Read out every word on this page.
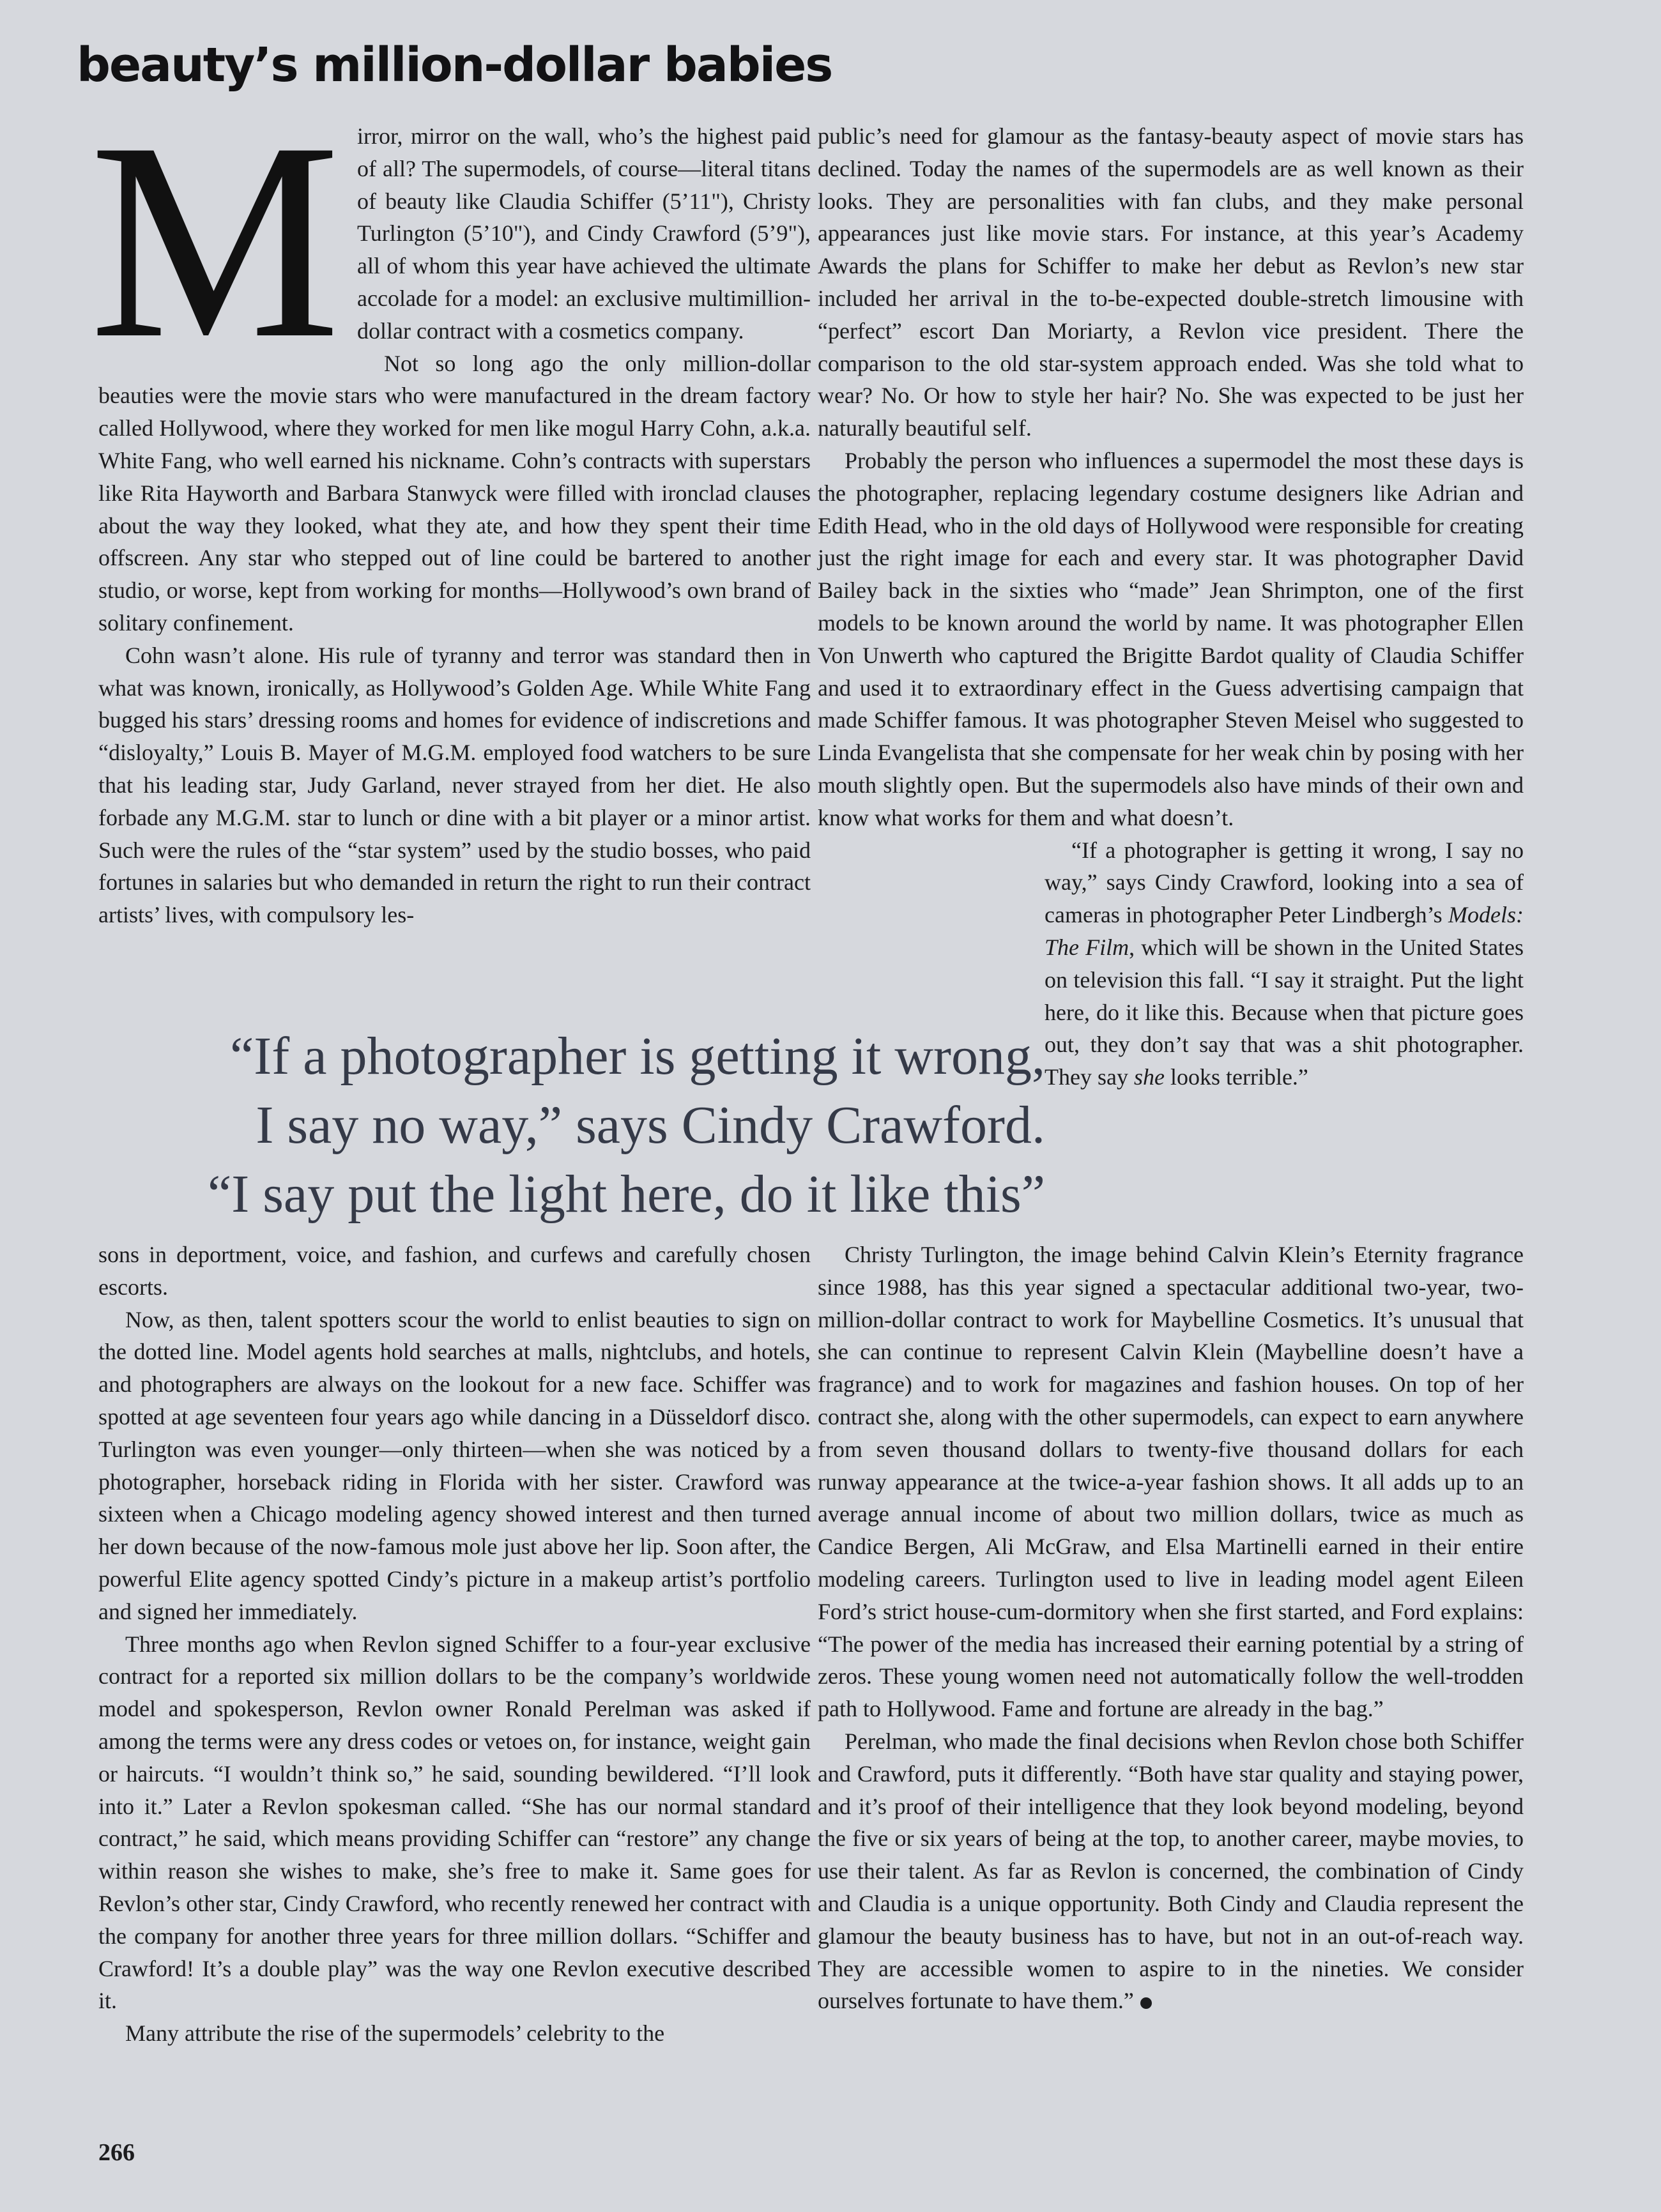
beauty’s million-dollar babies

Mirror, mirror on the wall, who’s the highest paid of all? The supermodels, of course—literal titans of beauty like Claudia Schiffer (5’11"), Christy Turlington (5’10"), and Cindy Crawford (5’9"), all of whom this year have achieved the ultimate accolade for a model: an exclusive multimillion-dollar contract with a cosmetics company.

Not so long ago the only million-dollar beauties were the movie stars who were manufactured in the dream factory called Hollywood, where they worked for men like mogul Harry Cohn, a.k.a. White Fang, who well earned his nickname. Cohn’s contracts with superstars like Rita Hayworth and Barbara Stanwyck were filled with ironclad clauses about the way they looked, what they ate, and how they spent their time offscreen. Any star who stepped out of line could be bartered to another studio, or worse, kept from working for months—Hollywood’s own brand of solitary confinement.

Cohn wasn’t alone. His rule of tyranny and terror was standard then in what was known, ironically, as Hollywood’s Golden Age. While White Fang bugged his stars’ dressing rooms and homes for evidence of indiscretions and “disloyalty,” Louis B. Mayer of M.G.M. employed food watchers to be sure that his leading star, Judy Garland, never strayed from her diet. He also forbade any M.G.M. star to lunch or dine with a bit player or a minor artist. Such were the rules of the “star system” used by the studio bosses, who paid fortunes in salaries but who demanded in return the right to run their contract artists’ lives, with compulsory les-

public’s need for glamour as the fantasy-beauty aspect of movie stars has declined. Today the names of the supermodels are as well known as their looks. They are personalities with fan clubs, and they make personal appearances just like movie stars. For instance, at this year’s Academy Awards the plans for Schiffer to make her debut as Revlon’s new star included her arrival in the to-be-expected double-stretch limousine with “perfect” escort Dan Moriarty, a Revlon vice president. There the comparison to the old star-system approach ended. Was she told what to wear? No. Or how to style her hair? No. She was expected to be just her naturally beautiful self.

Probably the person who influences a supermodel the most these days is the photographer, replacing legendary costume designers like Adrian and Edith Head, who in the old days of Hollywood were responsible for creating just the right image for each and every star. It was photographer David Bailey back in the sixties who “made” Jean Shrimpton, one of the first models to be known around the world by name. It was photographer Ellen Von Unwerth who captured the Brigitte Bardot quality of Claudia Schiffer and used it to extraordinary effect in the Guess advertising campaign that made Schiffer famous. It was photographer Steven Meisel who suggested to Linda Evangelista that she compensate for her weak chin by posing with her mouth slightly open. But the supermodels also have minds of their own and know what works for them and what doesn’t.

“If a photographer is getting it wrong, I say no way,” says Cindy Crawford, looking into a sea of cameras in photographer Peter Lindbergh’s Models: The Film, which will be shown in the United States on television this fall. “I say it straight. Put the light here, do it like this. Because when that picture goes out, they don’t say that was a shit photographer. They say she looks terrible.”

“If a photographer is getting it wrong,
I say no way,” says Cindy Crawford.
“I say put the light here, do it like this”

sons in deportment, voice, and fashion, and curfews and carefully chosen escorts.

Now, as then, talent spotters scour the world to enlist beauties to sign on the dotted line. Model agents hold searches at malls, nightclubs, and hotels, and photographers are always on the lookout for a new face. Schiffer was spotted at age seventeen four years ago while dancing in a Düsseldorf disco. Turlington was even younger—only thirteen—when she was noticed by a photographer, horseback riding in Florida with her sister. Crawford was sixteen when a Chicago modeling agency showed interest and then turned her down because of the now-famous mole just above her lip. Soon after, the powerful Elite agency spotted Cindy’s picture in a makeup artist’s portfolio and signed her immediately.

Three months ago when Revlon signed Schiffer to a four-year exclusive contract for a reported six million dollars to be the company’s worldwide model and spokesperson, Revlon owner Ronald Perelman was asked if among the terms were any dress codes or vetoes on, for instance, weight gain or haircuts. “I wouldn’t think so,” he said, sounding bewildered. “I’ll look into it.” Later a Revlon spokesman called. “She has our normal standard contract,” he said, which means providing Schiffer can “restore” any change within reason she wishes to make, she’s free to make it. Same goes for Revlon’s other star, Cindy Crawford, who recently renewed her contract with the company for another three years for three million dollars. “Schiffer and Crawford! It’s a double play” was the way one Revlon executive described it.

Many attribute the rise of the supermodels’ celebrity to the

Christy Turlington, the image behind Calvin Klein’s Eternity fragrance since 1988, has this year signed a spectacular additional two-year, two-million-dollar contract to work for Maybelline Cosmetics. It’s unusual that she can continue to represent Calvin Klein (Maybelline doesn’t have a fragrance) and to work for magazines and fashion houses. On top of her contract she, along with the other supermodels, can expect to earn anywhere from seven thousand dollars to twenty-five thousand dollars for each runway appearance at the twice-a-year fashion shows. It all adds up to an average annual income of about two million dollars, twice as much as Candice Bergen, Ali McGraw, and Elsa Martinelli earned in their entire modeling careers. Turlington used to live in leading model agent Eileen Ford’s strict house-cum-dormitory when she first started, and Ford explains: “The power of the media has increased their earning potential by a string of zeros. These young women need not automatically follow the well-trodden path to Hollywood. Fame and fortune are already in the bag.”

Perelman, who made the final decisions when Revlon chose both Schiffer and Crawford, puts it differently. “Both have star quality and staying power, and it’s proof of their intelligence that they look beyond modeling, beyond the five or six years of being at the top, to another career, maybe movies, to use their talent. As far as Revlon is concerned, the combination of Cindy and Claudia is a unique opportunity. Both Cindy and Claudia represent the glamour the beauty business has to have, but not in an out-of-reach way. They are accessible women to aspire to in the nineties. We consider ourselves fortunate to have them.”

266
